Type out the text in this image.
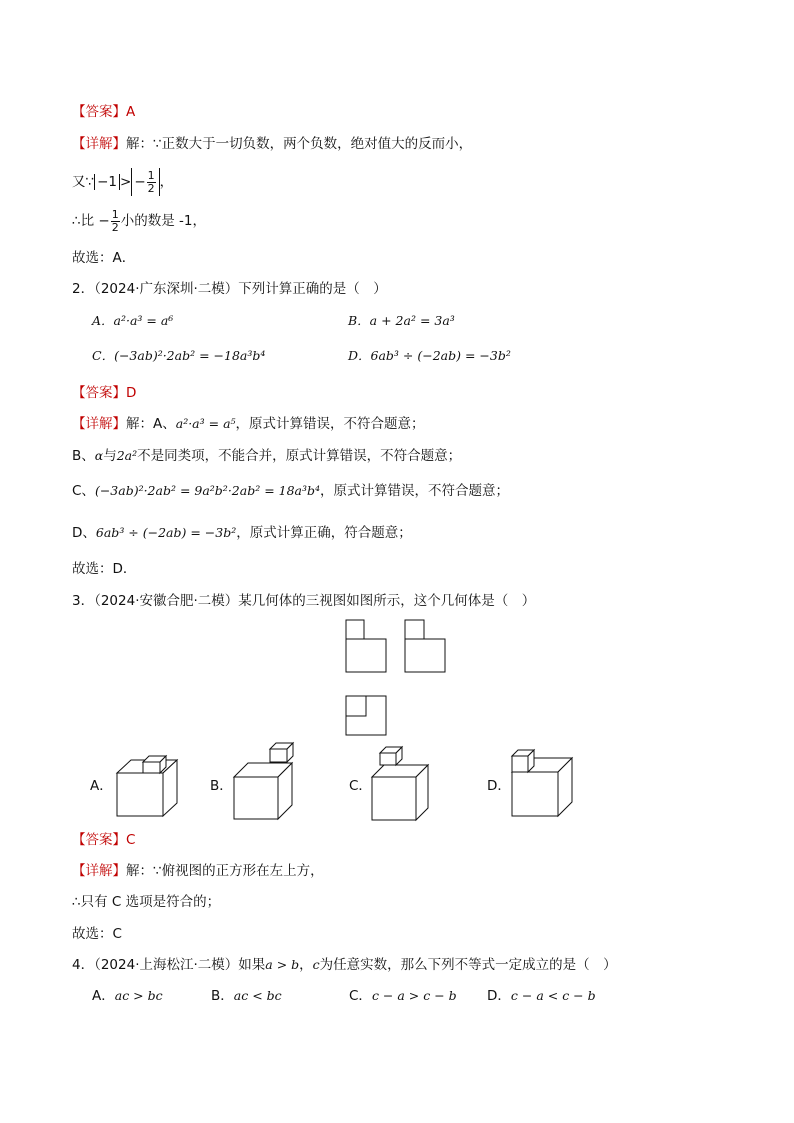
【答案】A
【详解】解：∵正数大于一切负数，两个负数，绝对值大的反而小，
又∵ −1 > − $\frac{1}{2}$ ，
∴比 − $\frac{1}{2}$ 小的数是 -1，
故选：A．
2．（2024·广东深圳·二模）下列计算正确的是（　）
A．a²·a³ = a⁶	B．a + 2a² = 3a³
C．(−3ab)²·2ab² = −18a³b⁴	D．6ab³ ÷ (−2ab) = −3b²
【答案】D
【详解】解：A、a²·a³ = a⁵，原式计算错误，不符合题意；
B、α与2a²不是同类项，不能合并，原式计算错误，不符合题意；
C、(−3ab)²·2ab² = 9a²b²·2ab² = 18a³b⁴，原式计算错误，不符合题意；
D、6ab³ ÷ (−2ab) = −3b²，原式计算正确，符合题意；
故选：D．
3．（2024·安徽合肥·二模）某几何体的三视图如图所示，这个几何体是（　）
A．	B．	C．	D．
【答案】C
【详解】解：∵俯视图的正方形在左上方，
∴只有 C 选项是符合的；
故选：C
4．（2024·上海松江·二模）如果a > b，c为任意实数，那么下列不等式一定成立的是（　）
A．ac > bc	B．ac < bc	C．c − a > c − b D．c − a < c − b
